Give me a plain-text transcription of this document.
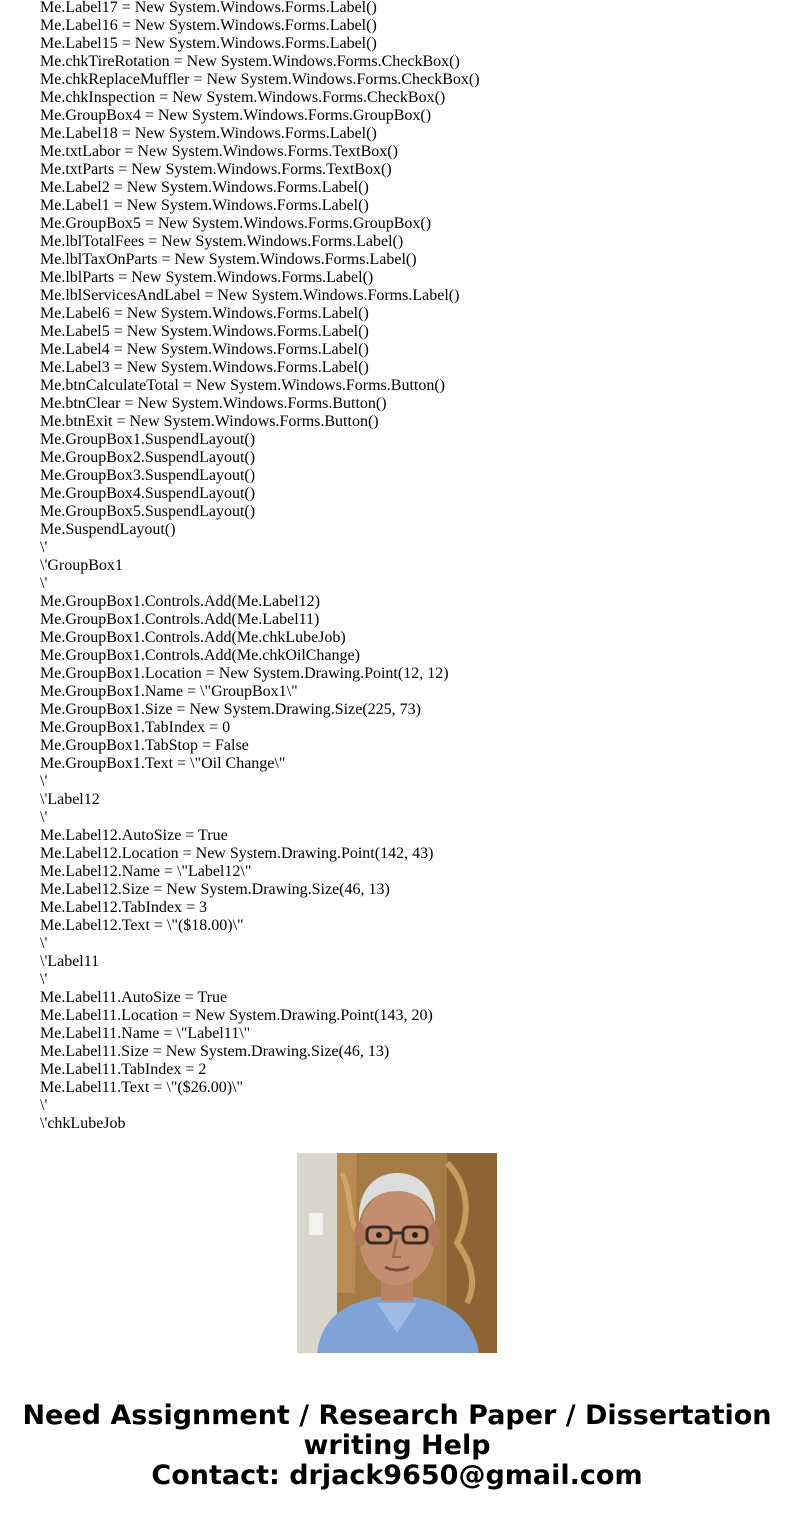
Me.Label17 = New System.Windows.Forms.Label()
Me.Label16 = New System.Windows.Forms.Label()
Me.Label15 = New System.Windows.Forms.Label()
Me.chkTireRotation = New System.Windows.Forms.CheckBox()
Me.chkReplaceMuffler = New System.Windows.Forms.CheckBox()
Me.chkInspection = New System.Windows.Forms.CheckBox()
Me.GroupBox4 = New System.Windows.Forms.GroupBox()
Me.Label18 = New System.Windows.Forms.Label()
Me.txtLabor = New System.Windows.Forms.TextBox()
Me.txtParts = New System.Windows.Forms.TextBox()
Me.Label2 = New System.Windows.Forms.Label()
Me.Label1 = New System.Windows.Forms.Label()
Me.GroupBox5 = New System.Windows.Forms.GroupBox()
Me.lblTotalFees = New System.Windows.Forms.Label()
Me.lblTaxOnParts = New System.Windows.Forms.Label()
Me.lblParts = New System.Windows.Forms.Label()
Me.lblServicesAndLabel = New System.Windows.Forms.Label()
Me.Label6 = New System.Windows.Forms.Label()
Me.Label5 = New System.Windows.Forms.Label()
Me.Label4 = New System.Windows.Forms.Label()
Me.Label3 = New System.Windows.Forms.Label()
Me.btnCalculateTotal = New System.Windows.Forms.Button()
Me.btnClear = New System.Windows.Forms.Button()
Me.btnExit = New System.Windows.Forms.Button()
Me.GroupBox1.SuspendLayout()
Me.GroupBox2.SuspendLayout()
Me.GroupBox3.SuspendLayout()
Me.GroupBox4.SuspendLayout()
Me.GroupBox5.SuspendLayout()
Me.SuspendLayout()
\'
\'GroupBox1
\'
Me.GroupBox1.Controls.Add(Me.Label12)
Me.GroupBox1.Controls.Add(Me.Label11)
Me.GroupBox1.Controls.Add(Me.chkLubeJob)
Me.GroupBox1.Controls.Add(Me.chkOilChange)
Me.GroupBox1.Location = New System.Drawing.Point(12, 12)
Me.GroupBox1.Name = \"GroupBox1\"
Me.GroupBox1.Size = New System.Drawing.Size(225, 73)
Me.GroupBox1.TabIndex = 0
Me.GroupBox1.TabStop = False
Me.GroupBox1.Text = \"Oil Change\"
\'
\'Label12
\'
Me.Label12.AutoSize = True
Me.Label12.Location = New System.Drawing.Point(142, 43)
Me.Label12.Name = \"Label12\"
Me.Label12.Size = New System.Drawing.Size(46, 13)
Me.Label12.TabIndex = 3
Me.Label12.Text = \"($18.00)\"
\'
\'Label11
\'
Me.Label11.AutoSize = True
Me.Label11.Location = New System.Drawing.Point(143, 20)
Me.Label11.Name = \"Label11\"
Me.Label11.Size = New System.Drawing.Size(46, 13)
Me.Label11.TabIndex = 2
Me.Label11.Text = \"($26.00)\"
\'
\'chkLubeJob
Need Assignment / Research Paper / Dissertation
writing Help
Contact: drjack9650@gmail.com
